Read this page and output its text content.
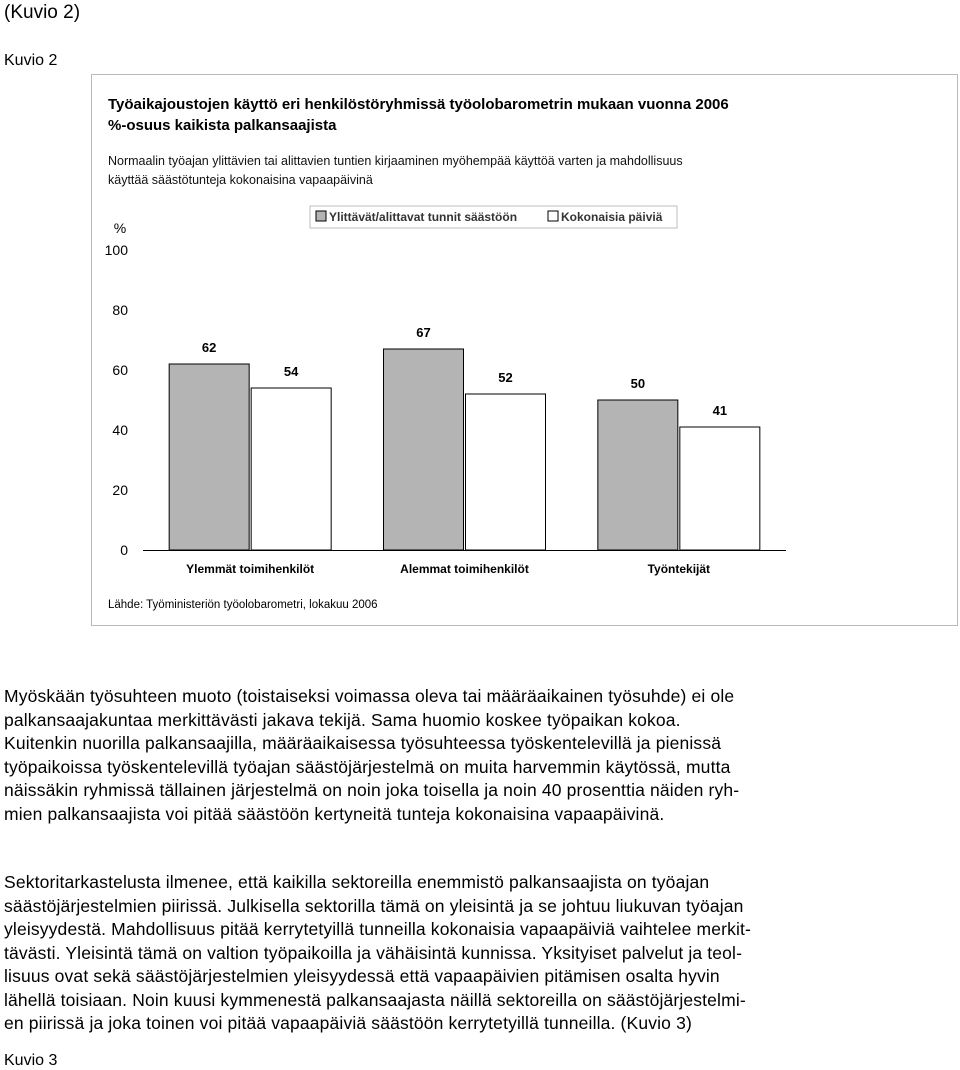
(Kuvio 2)
Kuvio 2
Työaikajoustojen käyttö eri henkilöstöryhmissä työolobarometrin mukaan vuonna 2006
%-osuus kaikista palkansaajista
Normaalin työajan ylittävien tai alittavien tuntien kirjaaminen myöhempää käyttöä varten ja mahdollisuus
käyttää säästötunteja kokonaisina vapaapäivinä
%
0
20
40
60
80
100
62
54
Ylemmät toimihenkilöt
67
52
Alemmat toimihenkilöt
50
41
Työntekijät
Ylittävät/alittavat tunnit säästöön	Kokonaisia päiviä
Lähde: Työministeriön työolobarometri, lokakuu 2006
Myöskään työsuhteen muoto (toistaiseksi voimassa oleva tai määräaikainen työsuhde) ei ole
palkansaajakuntaa merkittävästi jakava tekijä. Sama huomio koskee työpaikan kokoa.
Kuitenkin nuorilla palkansaajilla, määräaikaisessa työsuhteessa työskentelevillä ja pienissä
työpaikoissa työskentelevillä työajan säästöjärjestelmä on muita harvemmin käytössä, mutta
näissäkin ryhmissä tällainen järjestelmä on noin joka toisella ja noin 40 prosenttia näiden ryh-
mien palkansaajista voi pitää säästöön kertyneitä tunteja kokonaisina vapaapäivinä.
Sektoritarkastelusta ilmenee, että kaikilla sektoreilla enemmistö palkansaajista on työajan
säästöjärjestelmien piirissä. Julkisella sektorilla tämä on yleisintä ja se johtuu liukuvan työajan
yleisyydestä. Mahdollisuus pitää kerrytetyillä tunneilla kokonaisia vapaapäiviä vaihtelee merkit-
tävästi. Yleisintä tämä on valtion työpaikoilla ja vähäisintä kunnissa. Yksityiset palvelut ja teol-
lisuus ovat sekä säästöjärjestelmien yleisyydessä että vapaapäivien pitämisen osalta hyvin
lähellä toisiaan. Noin kuusi kymmenestä palkansaajasta näillä sektoreilla on säästöjärjestelmi-
en piirissä ja joka toinen voi pitää vapaapäiviä säästöön kerrytetyillä tunneilla. (Kuvio 3)
Kuvio 3
